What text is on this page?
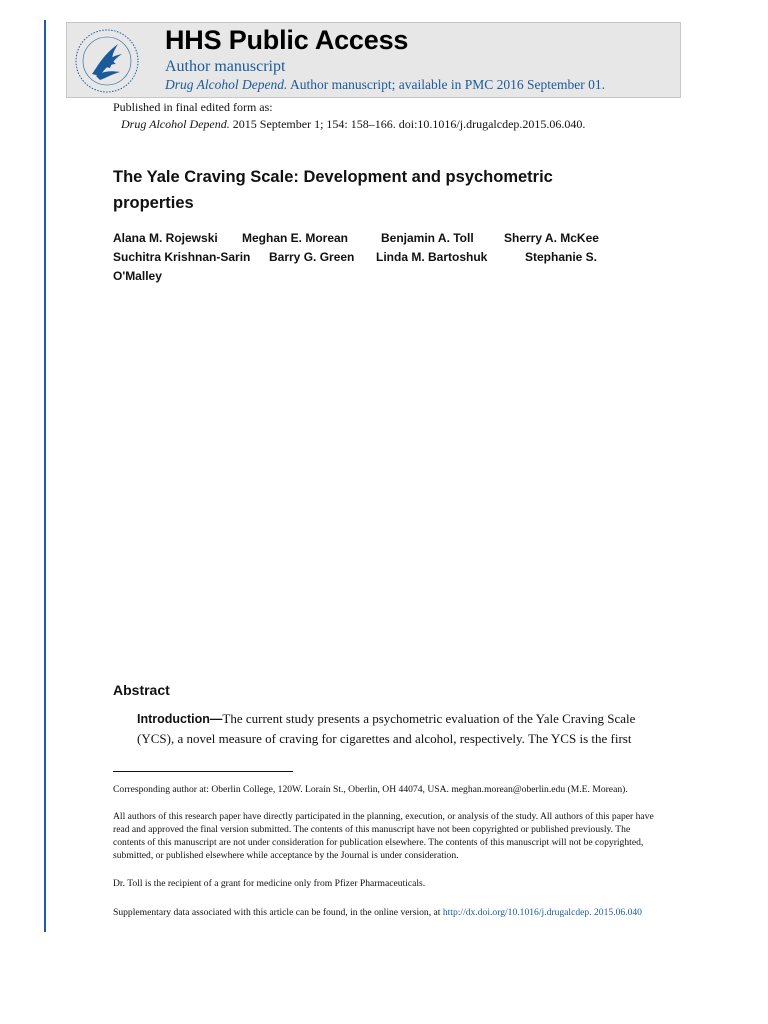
HHS Public Access
Author manuscript
Drug Alcohol Depend. Author manuscript; available in PMC 2016 September 01.
Published in final edited form as:
Drug Alcohol Depend. 2015 September 1; 154: 158–166. doi:10.1016/j.drugalcdep.2015.06.040.
The Yale Craving Scale: Development and psychometric properties
Alana M. Rojewski Meghan E. Morean	Benjamin A. Toll	Sherry A. McKee
Suchitra Krishnan-Sarin Barry G. Green Linda M. Bartoshuk	Stephanie S.
O'Malley
Abstract
Introduction—The current study presents a psychometric evaluation of the Yale Craving Scale (YCS), a novel measure of craving for cigarettes and alcohol, respectively. The YCS is the first
Corresponding author at: Oberlin College, 120W. Lorain St., Oberlin, OH 44074, USA. meghan.morean@oberlin.edu (M.E. Morean).
All authors of this research paper have directly participated in the planning, execution, or analysis of the study. All authors of this paper have read and approved the final version submitted. The contents of this manuscript have not been copyrighted or published previously. The contents of this manuscript are not under consideration for publication elsewhere. The contents of this manuscript will not be copyrighted, submitted, or published elsewhere while acceptance by the Journal is under consideration.
Dr. Toll is the recipient of a grant for medicine only from Pfizer Pharmaceuticals.
Supplementary data associated with this article can be found, in the online version, at http://dx.doi.org/10.1016/j.drugalcdep. 2015.06.040
